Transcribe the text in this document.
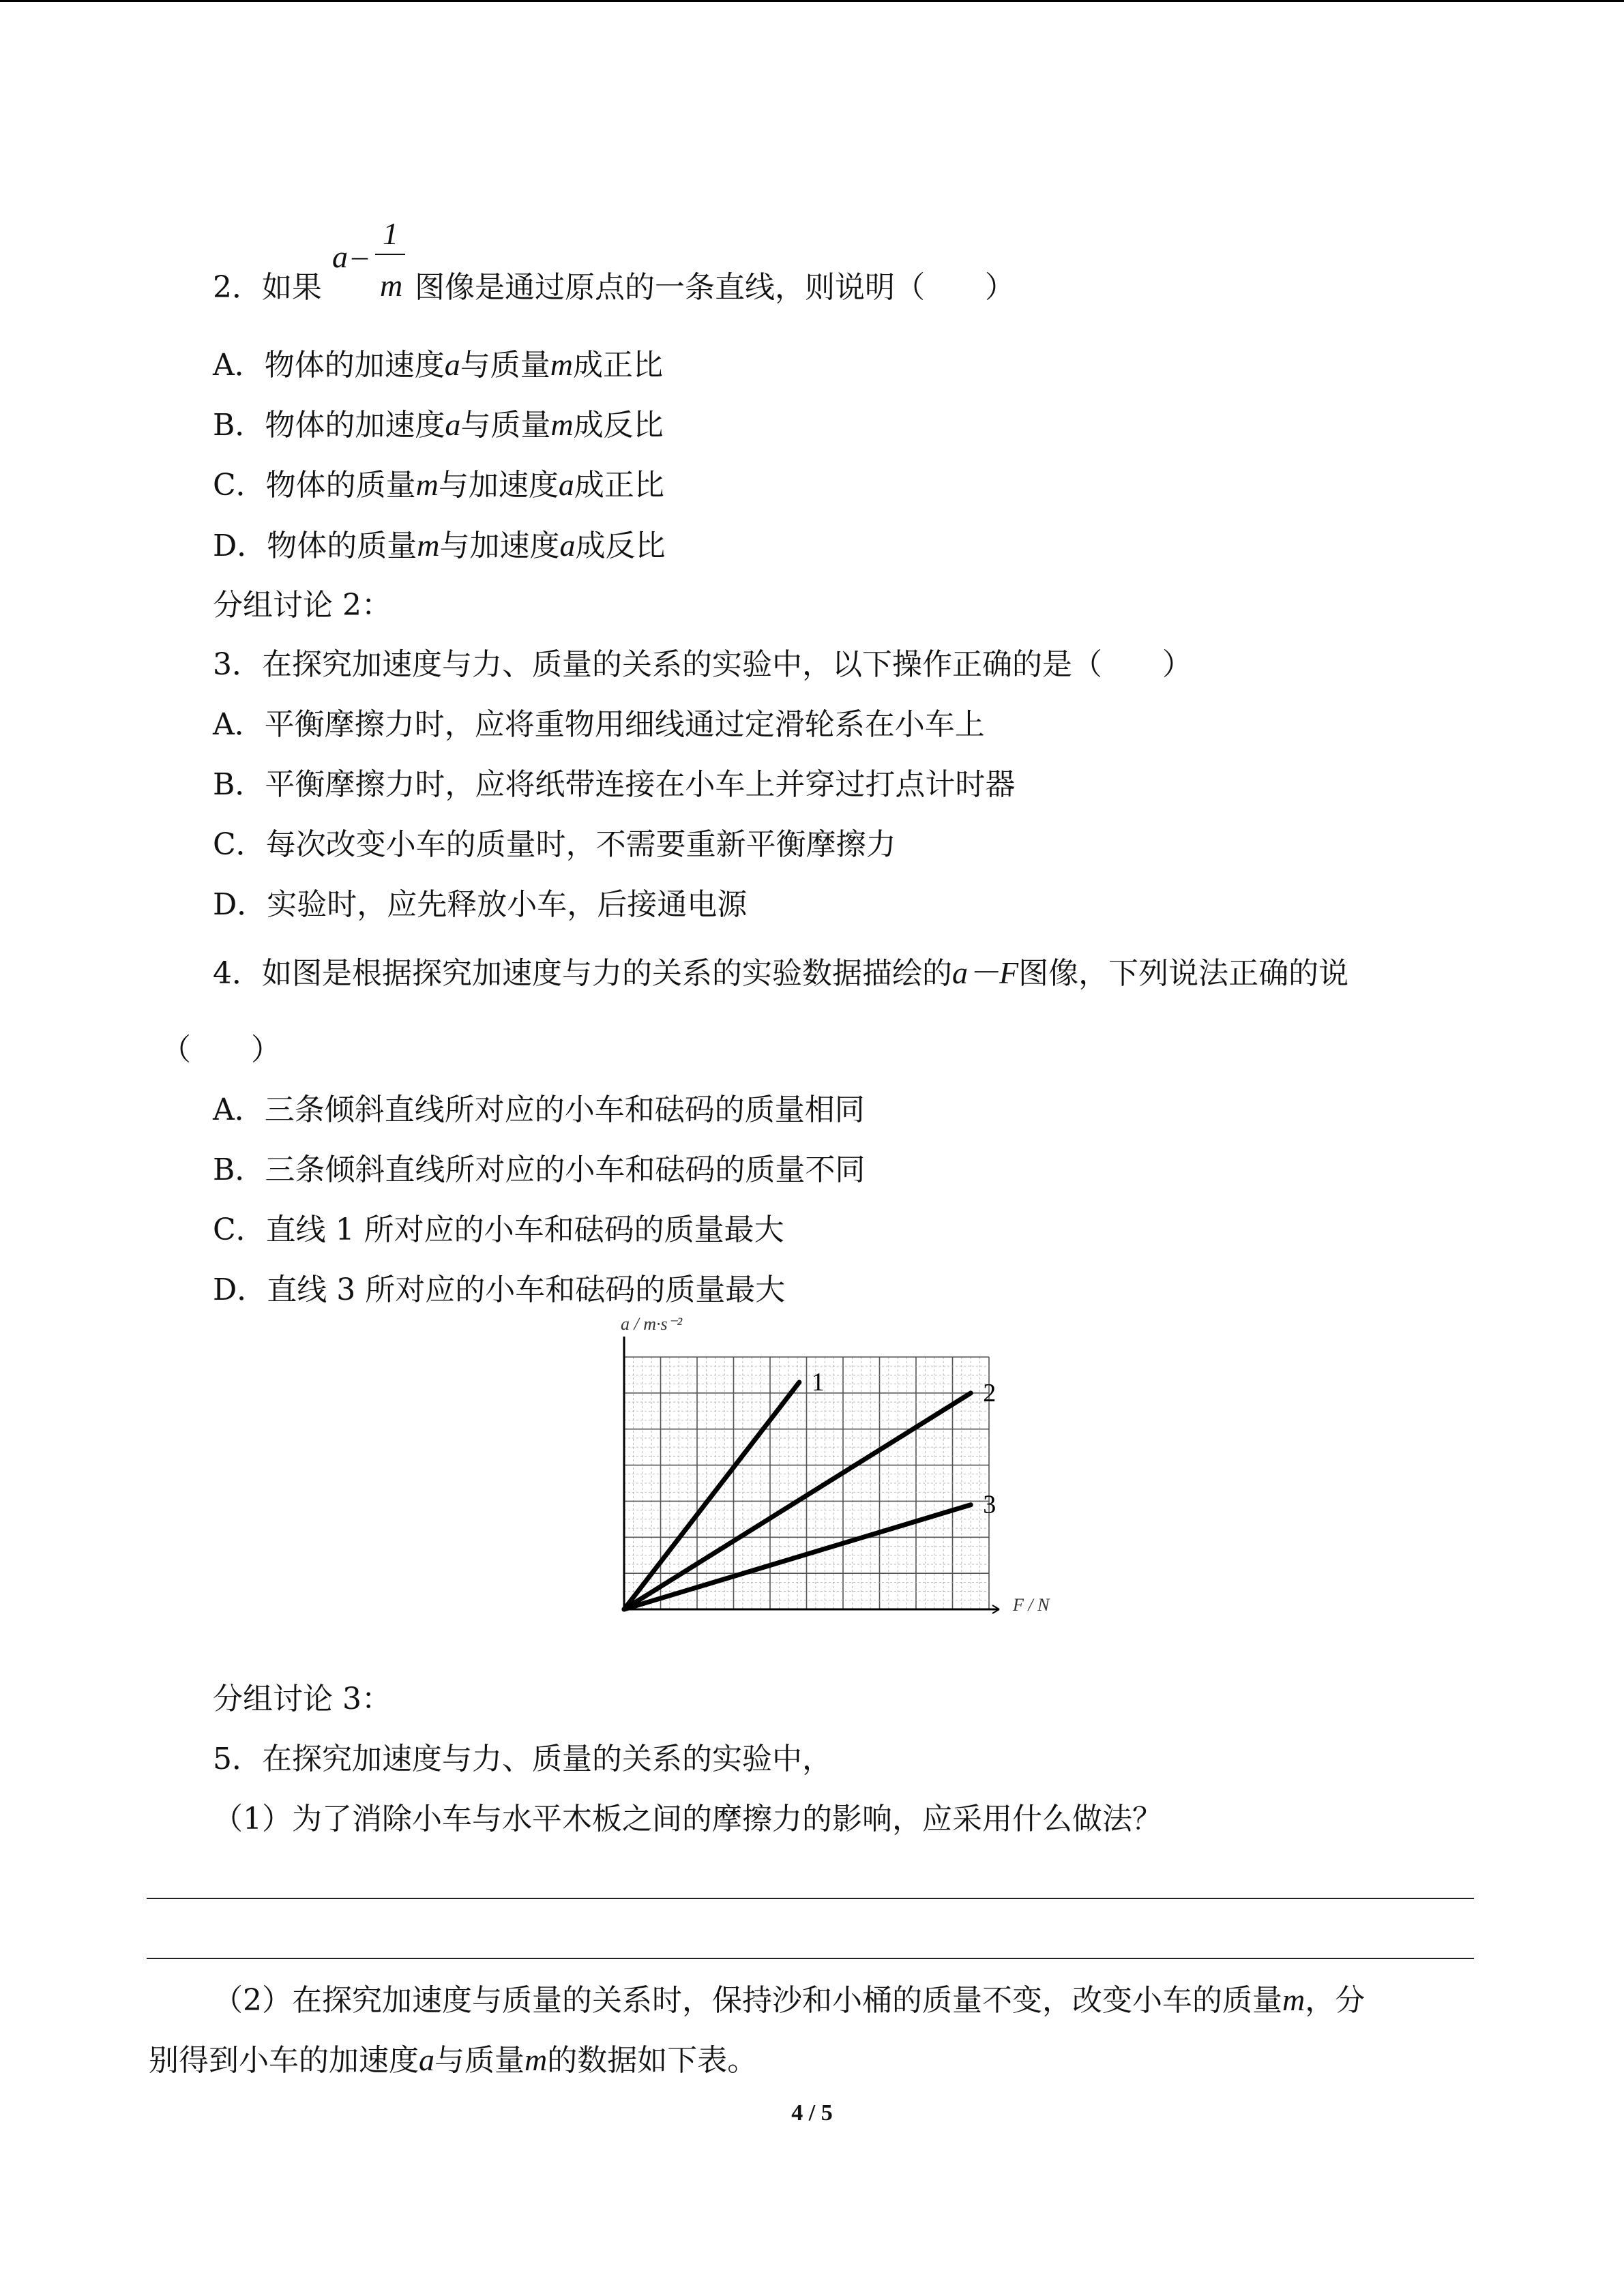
1
a –
m
2．如果	图像是通过原点的一条直线，则说明（　　）
A．物体的加速度a与质量m成正比
B．物体的加速度a与质量m成反比
C．物体的质量m与加速度a成正比
D．物体的质量m与加速度a成反比
分组讨论 2：
3．在探究加速度与力、质量的关系的实验中，以下操作正确的是（　　）
A．平衡摩擦力时，应将重物用细线通过定滑轮系在小车上
B．平衡摩擦力时，应将纸带连接在小车上并穿过打点计时器
C．每次改变小车的质量时，不需要重新平衡摩擦力
D．实验时，应先释放小车，后接通电源
4．如图是根据探究加速度与力的关系的实验数据描绘的a－F图像，下列说法正确的说
（　　）
A．三条倾斜直线所对应的小车和砝码的质量相同
B．三条倾斜直线所对应的小车和砝码的质量不同
C．直线 1 所对应的小车和砝码的质量最大
D．直线 3 所对应的小车和砝码的质量最大
1	2
3
a / m·s⁻²
F / N
分组讨论 3：
5．在探究加速度与力、质量的关系的实验中，
（1）为了消除小车与水平木板之间的摩擦力的影响，应采用什么做法？
（2）在探究加速度与质量的关系时，保持沙和小桶的质量不变，改变小车的质量m，分
别得到小车的加速度a与质量m的数据如下表。
4 / 5
